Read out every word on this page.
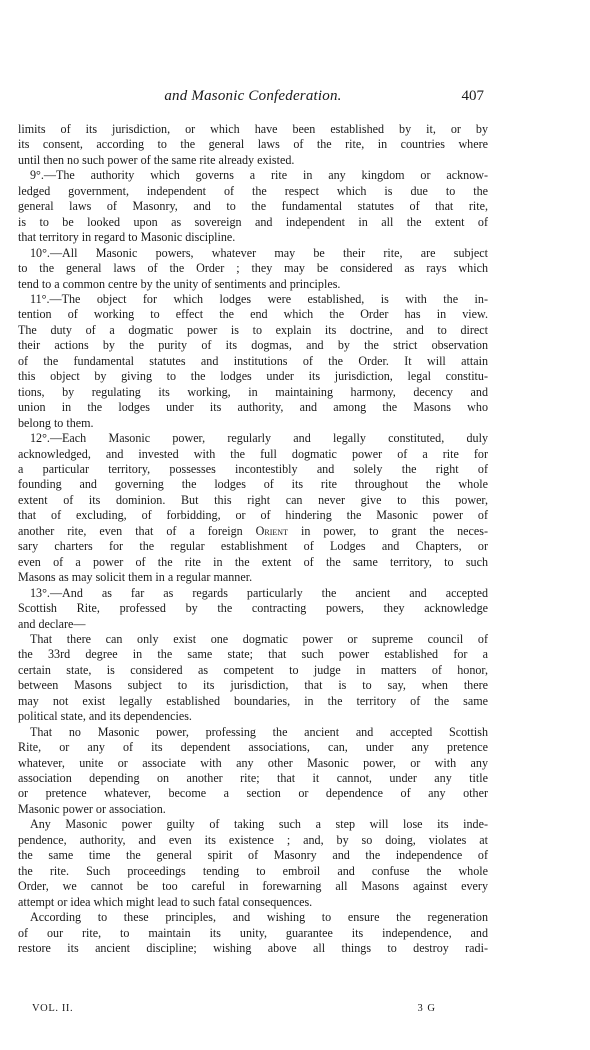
and Masonic Confederation.	407
limits of its jurisdiction, or which have been established by it, or by
its consent, according to the general laws of the rite, in countries where
until then no such power of the same rite already existed.
9°.—The authority which governs a rite in any kingdom or acknow-
ledged government, independent of the respect which is due to the
general laws of Masonry, and to the fundamental statutes of that rite,
is to be looked upon as sovereign and independent in all the extent of
that territory in regard to Masonic discipline.
10°.—All Masonic powers, whatever may be their rite, are subject
to the general laws of the Order ; they may be considered as rays which
tend to a common centre by the unity of sentiments and principles.
11°.—The object for which lodges were established, is with the in-
tention of working to effect the end which the Order has in view.
The duty of a dogmatic power is to explain its doctrine, and to direct
their actions by the purity of its dogmas, and by the strict observation
of the fundamental statutes and institutions of the Order. It will attain
this object by giving to the lodges under its jurisdiction, legal constitu-
tions, by regulating its working, in maintaining harmony, decency and
union in the lodges under its authority, and among the Masons who
belong to them.
12°.—Each Masonic power, regularly and legally constituted, duly
acknowledged, and invested with the full dogmatic power of a rite for
a particular territory, possesses incontestibly and solely the right of
founding and governing the lodges of its rite throughout the whole
extent of its dominion. But this right can never give to this power,
that of excluding, of forbidding, or of hindering the Masonic power of
another rite, even that of a foreign Orient in power, to grant the neces-
sary charters for the regular establishment of Lodges and Chapters, or
even of a power of the rite in the extent of the same territory, to such
Masons as may solicit them in a regular manner.
13°.—And as far as regards particularly the ancient and accepted
Scottish Rite, professed by the contracting powers, they acknowledge
and declare—
That there can only exist one dogmatic power or supreme council of
the 33rd degree in the same state; that such power established for a
certain state, is considered as competent to judge in matters of honor,
between Masons subject to its jurisdiction, that is to say, when there
may not exist legally established boundaries, in the territory of the same
political state, and its dependencies.
That no Masonic power, professing the ancient and accepted Scottish
Rite, or any of its dependent associations, can, under any pretence
whatever, unite or associate with any other Masonic power, or with any
association depending on another rite; that it cannot, under any title
or pretence whatever, become a section or dependence of any other
Masonic power or association.
Any Masonic power guilty of taking such a step will lose its inde-
pendence, authority, and even its existence ; and, by so doing, violates at
the same time the general spirit of Masonry and the independence of
the rite. Such proceedings tending to embroil and confuse the whole
Order, we cannot be too careful in forewarning all Masons against every
attempt or idea which might lead to such fatal consequences.
According to these principles, and wishing to ensure the regeneration
of our rite, to maintain its unity, guarantee its independence, and
restore its ancient discipline; wishing above all things to destroy radi-
VOL. II.	3 G
